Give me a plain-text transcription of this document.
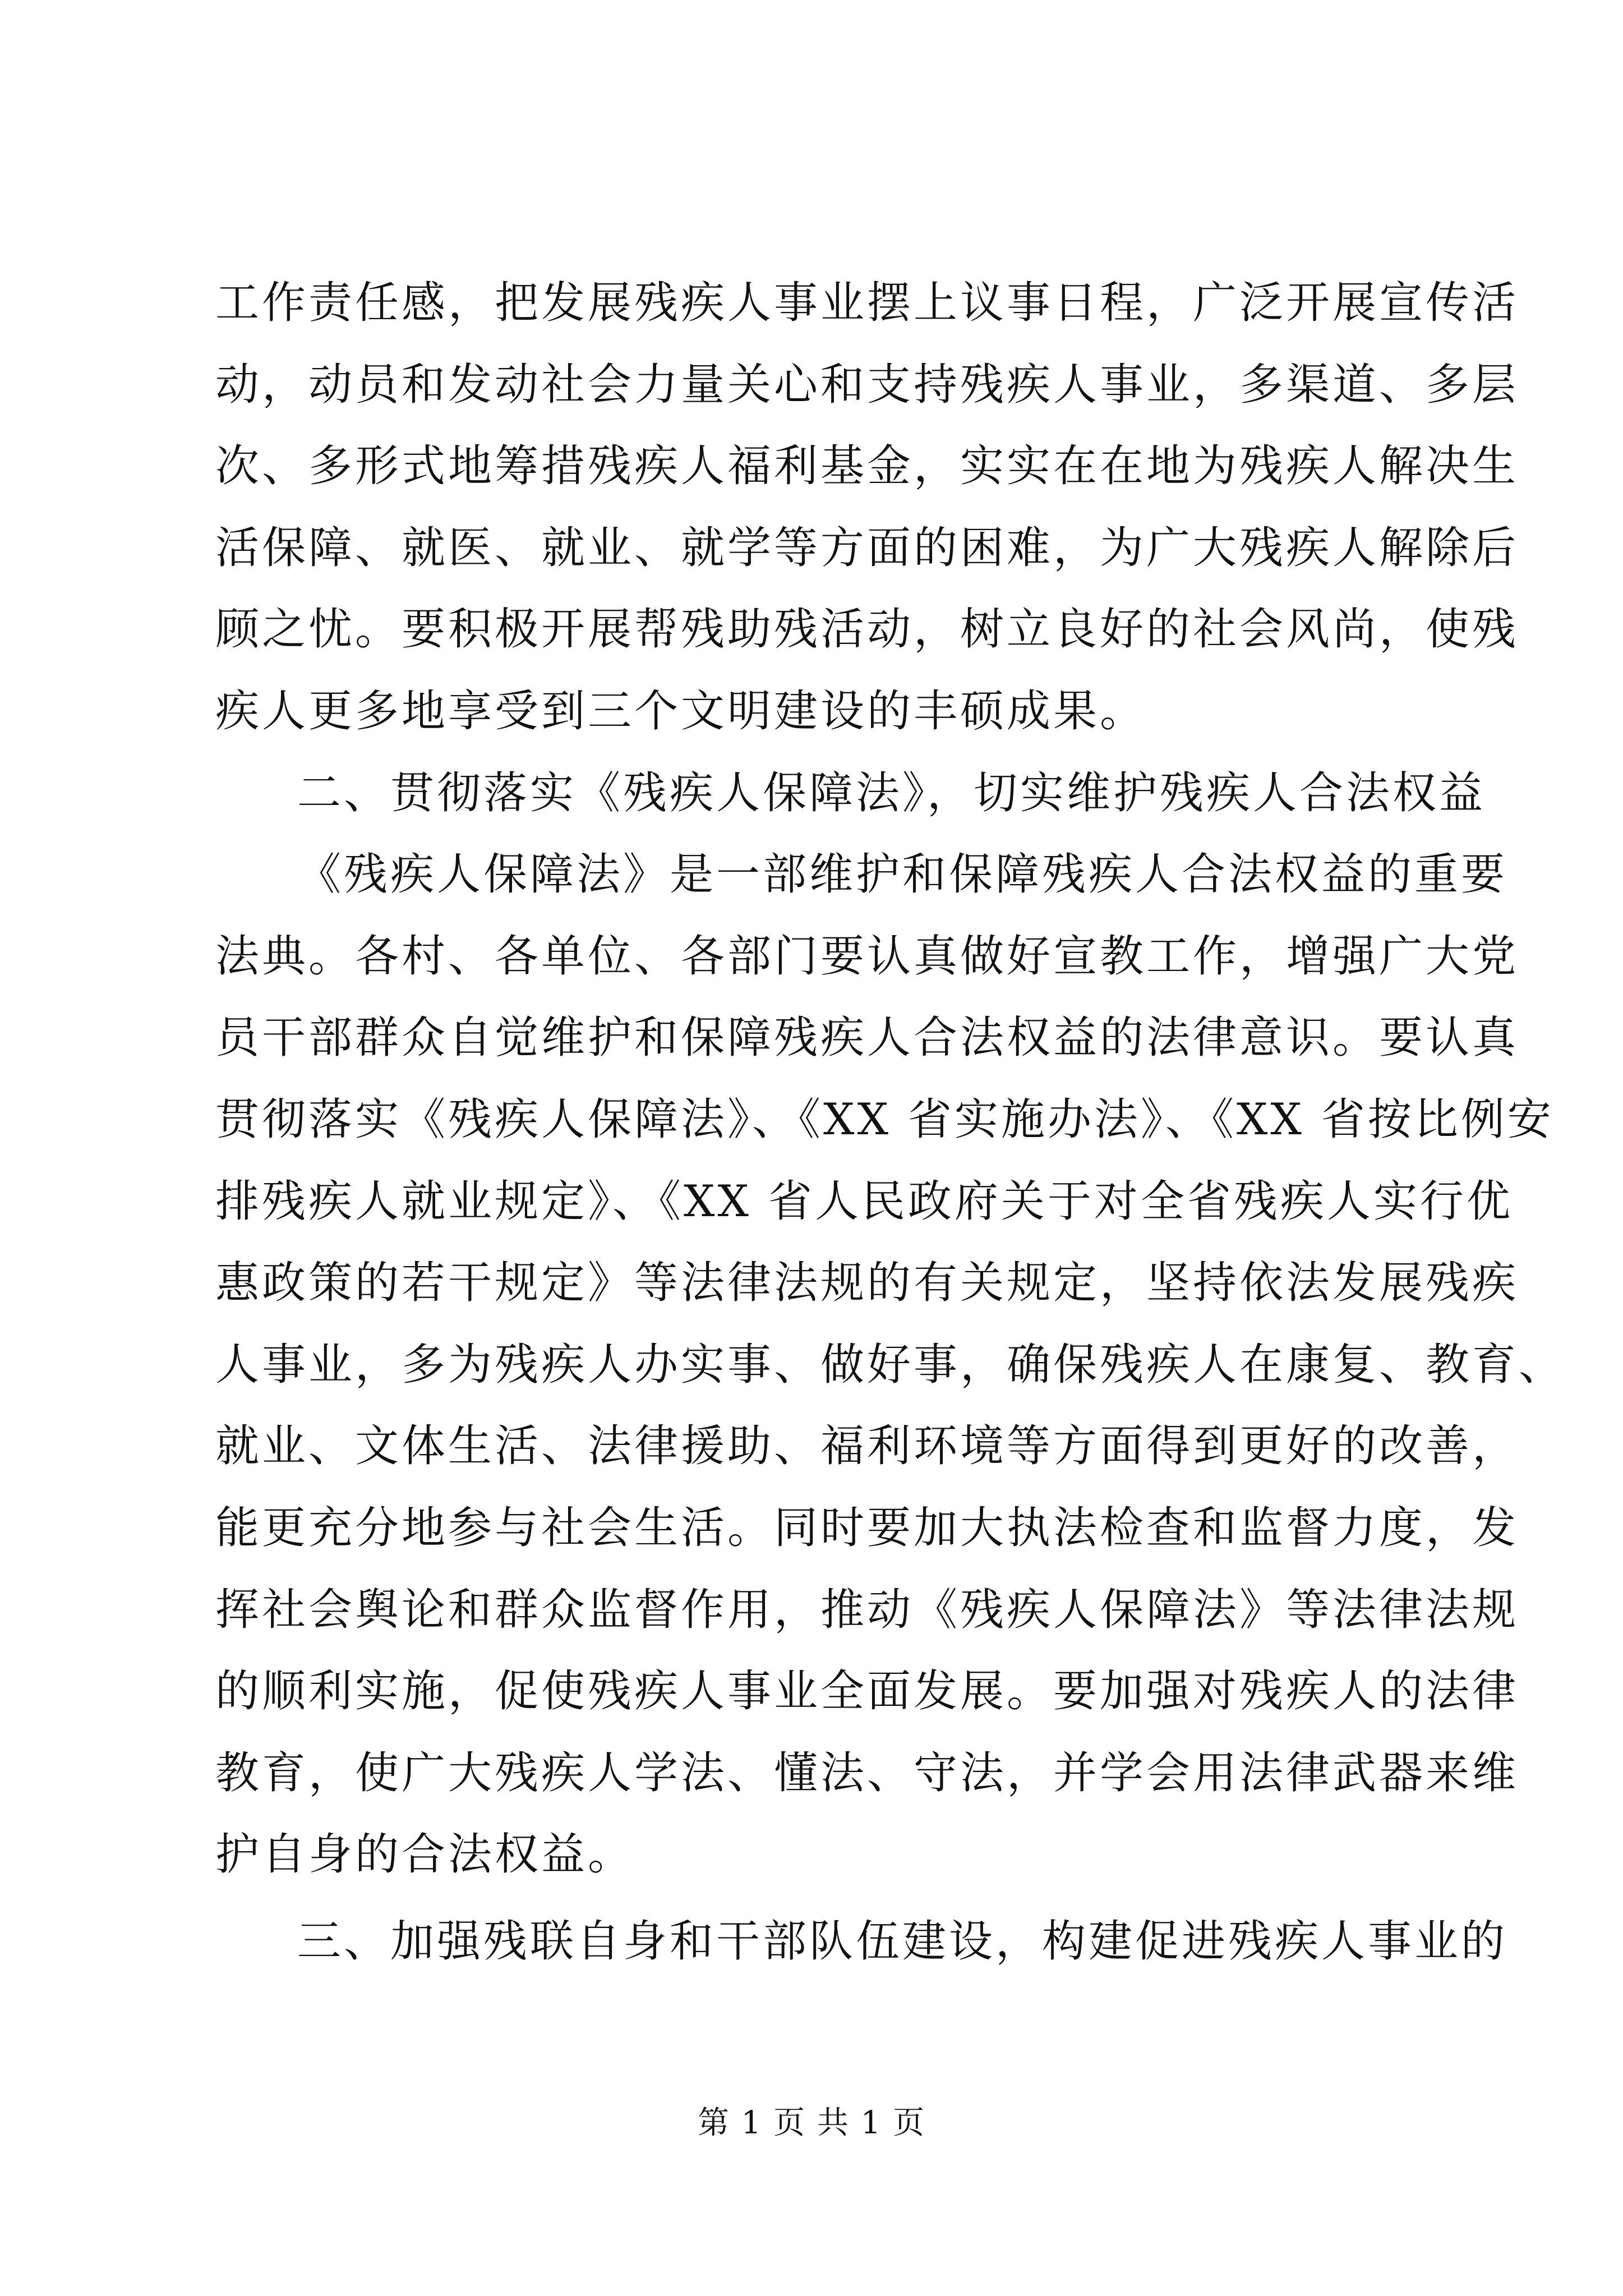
工作责任感，把发展残疾人事业摆上议事日程，广泛开展宣传活
动，动员和发动社会力量关心和支持残疾人事业，多渠道、多层
次、多形式地筹措残疾人福利基金，实实在在地为残疾人解决生
活保障、就医、就业、就学等方面的困难，为广大残疾人解除后
顾之忧。要积极开展帮残助残活动，树立良好的社会风尚，使残
疾人更多地享受到三个文明建设的丰硕成果。
二、贯彻落实《残疾人保障法》，切实维护残疾人合法权益
《残疾人保障法》是一部维护和保障残疾人合法权益的重要
法典。各村、各单位、各部门要认真做好宣教工作，增强广大党
员干部群众自觉维护和保障残疾人合法权益的法律意识。要认真
贯彻落实《残疾人保障法》、《XX 省实施办法》、《XX 省按比例安
排残疾人就业规定》、《XX 省人民政府关于对全省残疾人实行优
惠政策的若干规定》等法律法规的有关规定，坚持依法发展残疾
人事业，多为残疾人办实事、做好事，确保残疾人在康复、教育、
就业、文体生活、法律援助、福利环境等方面得到更好的改善，
能更充分地参与社会生活。同时要加大执法检查和监督力度，发
挥社会舆论和群众监督作用，推动《残疾人保障法》等法律法规
的顺利实施，促使残疾人事业全面发展。要加强对残疾人的法律
教育，使广大残疾人学法、懂法、守法，并学会用法律武器来维
护自身的合法权益。
三、加强残联自身和干部队伍建设，构建促进残疾人事业的
第 1 页 共 1 页
